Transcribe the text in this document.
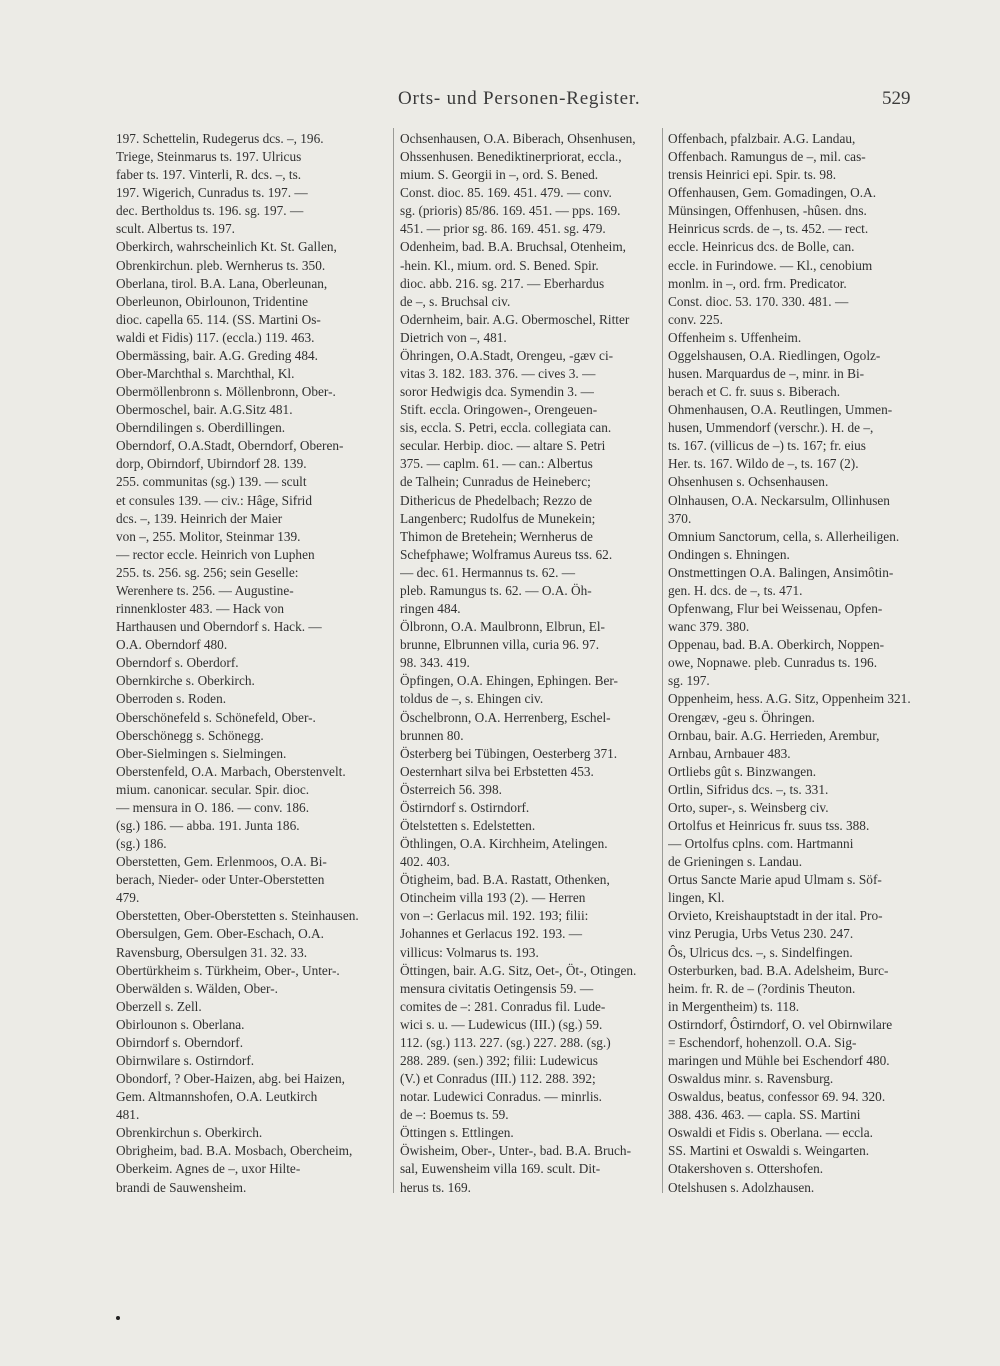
Orts- und Personen-Register.	529
197. Schettelin, Rudegerus dcs. –, 196.
Triege, Steinmarus ts. 197. Ulricus
faber ts. 197. Vinterli, R. dcs. –, ts.
197. Wigerich, Cunradus ts. 197. —
dec. Bertholdus ts. 196. sg. 197. —
scult. Albertus ts. 197.
Oberkirch, wahrscheinlich Kt. St. Gallen,
Obrenkirchun. pleb. Wernherus ts. 350.
Oberlana, tirol. B.A. Lana, Oberleunan,
Oberleunon, Obirlounon, Tridentine
dioc. capella 65. 114. (SS. Martini Os-
waldi et Fidis) 117. (eccla.) 119. 463.
Obermässing, bair. A.G. Greding 484.
Ober-Marchthal s. Marchthal, Kl.
Obermöllenbronn s. Möllenbronn, Ober-.
Obermoschel, bair. A.G.Sitz 481.
Oberndilingen s. Oberdillingen.
Oberndorf, O.A.Stadt, Oberndorf, Oberen-
dorp, Obirndorf, Ubirndorf 28. 139.
255. communitas (sg.) 139. — scult
et consules 139. — civ.: Hâge, Sifrid
dcs. –, 139. Heinrich der Maier
von –, 255. Molitor, Steinmar 139.
— rector eccle. Heinrich von Luphen
255. ts. 256. sg. 256; sein Geselle:
Werenhere ts. 256. — Augustine-
rinnenkloster 483. — Hack von
Harthausen und Oberndorf s. Hack. —
O.A. Oberndorf 480.
Oberndorf s. Oberdorf.
Obernkirche s. Oberkirch.
Oberroden s. Roden.
Oberschönefeld s. Schönefeld, Ober-.
Oberschönegg s. Schönegg.
Ober-Sielmingen s. Sielmingen.
Oberstenfeld, O.A. Marbach, Oberstenvelt.
mium. canonicar. secular. Spir. dioc.
— mensura in O. 186. — conv. 186.
(sg.) 186. — abba. 191. Junta 186.
(sg.) 186.
Oberstetten, Gem. Erlenmoos, O.A. Bi-
berach, Nieder- oder Unter-Oberstetten
479.
Oberstetten, Ober-Oberstetten s. Steinhausen.
Obersulgen, Gem. Ober-Eschach, O.A.
Ravensburg, Obersulgen 31. 32. 33.
Obertürkheim s. Türkheim, Ober-, Unter-.
Oberwälden s. Wälden, Ober-.
Oberzell s. Zell.
Obirlounon s. Oberlana.
Obirndorf s. Oberndorf.
Obirnwilare s. Ostirndorf.
Obondorf, ? Ober-Haizen, abg. bei Haizen,
Gem. Altmannshofen, O.A. Leutkirch
481.
Obrenkirchun s. Oberkirch.
Obrigheim, bad. B.A. Mosbach, Obercheim,
Oberkeim. Agnes de –, uxor Hilte-
brandi de Sauwensheim.
Ochsenhausen, O.A. Biberach, Ohsenhusen,
Ohssenhusen. Benediktinerpriorat, eccla.,
mium. S. Georgii in –, ord. S. Bened.
Const. dioc. 85. 169. 451. 479. — conv.
sg. (prioris) 85/86. 169. 451. — pps. 169.
451. — prior sg. 86. 169. 451. sg. 479.
Odenheim, bad. B.A. Bruchsal, Otenheim,
-hein. Kl., mium. ord. S. Bened. Spir.
dioc. abb. 216. sg. 217. — Eberhardus
de –, s. Bruchsal civ.
Odernheim, bair. A.G. Obermoschel, Ritter
Dietrich von –, 481.
Öhringen, O.A.Stadt, Orengeu, -gæv ci-
vitas 3. 182. 183. 376. — cives 3. —
soror Hedwigis dca. Symendin 3. —
Stift. eccla. Oringowen-, Orengeuen-
sis, eccla. S. Petri, eccla. collegiata can.
secular. Herbip. dioc. — altare S. Petri
375. — caplm. 61. — can.: Albertus
de Talhein; Cunradus de Heineberc;
Dithericus de Phedelbach; Rezzo de
Langenberc; Rudolfus de Munekein;
Thimon de Bretehein; Wernherus de
Schefphawe; Wolframus Aureus tss. 62.
— dec. 61. Hermannus ts. 62. —
pleb. Ramungus ts. 62. — O.A. Öh-
ringen 484.
Ölbronn, O.A. Maulbronn, Elbrun, El-
brunne, Elbrunnen villa, curia 96. 97.
98. 343. 419.
Öpfingen, O.A. Ehingen, Ephingen. Ber-
toldus de –, s. Ehingen civ.
Öschelbronn, O.A. Herrenberg, Eschel-
brunnen 80.
Österberg bei Tübingen, Oesterberg 371.
Oesternhart silva bei Erbstetten 453.
Österreich 56. 398.
Östirndorf s. Ostirndorf.
Ötelstetten s. Edelstetten.
Öthlingen, O.A. Kirchheim, Atelingen.
402. 403.
Ötigheim, bad. B.A. Rastatt, Othenken,
Otincheim villa 193 (2). — Herren
von –: Gerlacus mil. 192. 193; filii:
Johannes et Gerlacus 192. 193. —
villicus: Volmarus ts. 193.
Öttingen, bair. A.G. Sitz, Oet-, Öt-, Otingen.
mensura civitatis Oetingensis 59. —
comites de –: 281. Conradus fil. Lude-
wici s. u. — Ludewicus (III.) (sg.) 59.
112. (sg.) 113. 227. (sg.) 227. 288. (sg.)
288. 289. (sen.) 392; filii: Ludewicus
(V.) et Conradus (III.) 112. 288. 392;
notar. Ludewici Conradus. — minrlis.
de –: Boemus ts. 59.
Öttingen s. Ettlingen.
Öwisheim, Ober-, Unter-, bad. B.A. Bruch-
sal, Euwensheim villa 169. scult. Dit-
herus ts. 169.
Offenbach, pfalzbair. A.G. Landau,
Offenbach. Ramungus de –, mil. cas-
trensis Heinrici epi. Spir. ts. 98.
Offenhausen, Gem. Gomadingen, O.A.
Münsingen, Offenhusen, -hûsen. dns.
Heinricus scrds. de –, ts. 452. — rect.
eccle. Heinricus dcs. de Bolle, can.
eccle. in Furindowe. — Kl., cenobium
monlm. in –, ord. frm. Predicator.
Const. dioc. 53. 170. 330. 481. —
conv. 225.
Offenheim s. Uffenheim.
Oggelshausen, O.A. Riedlingen, Ogolz-
husen. Marquardus de –, minr. in Bi-
berach et C. fr. suus s. Biberach.
Ohmenhausen, O.A. Reutlingen, Ummen-
husen, Ummendorf (verschr.). H. de –,
ts. 167. (villicus de –) ts. 167; fr. eius
Her. ts. 167. Wildo de –, ts. 167 (2).
Ohsenhusen s. Ochsenhausen.
Olnhausen, O.A. Neckarsulm, Ollinhusen
370.
Omnium Sanctorum, cella, s. Allerheiligen.
Ondingen s. Ehningen.
Onstmettingen O.A. Balingen, Ansimôtin-
gen. H. dcs. de –, ts. 471.
Opfenwang, Flur bei Weissenau, Opfen-
wanc 379. 380.
Oppenau, bad. B.A. Oberkirch, Noppen-
owe, Nopnawe. pleb. Cunradus ts. 196.
sg. 197.
Oppenheim, hess. A.G. Sitz, Oppenheim 321.
Orengæv, -geu s. Öhringen.
Ornbau, bair. A.G. Herrieden, Arembur,
Arnbau, Arnbauer 483.
Ortliebs gût s. Binzwangen.
Ortlin, Sifridus dcs. –, ts. 331.
Orto, super-, s. Weinsberg civ.
Ortolfus et Heinricus fr. suus tss. 388.
— Ortolfus cplns. com. Hartmanni
de Grieningen s. Landau.
Ortus Sancte Marie apud Ulmam s. Söf-
lingen, Kl.
Orvieto, Kreishauptstadt in der ital. Pro-
vinz Perugia, Urbs Vetus 230. 247.
Ôs, Ulricus dcs. –, s. Sindelfingen.
Osterburken, bad. B.A. Adelsheim, Burc-
heim. fr. R. de – (?ordinis Theuton.
in Mergentheim) ts. 118.
Ostirndorf, Ôstirndorf, O. vel Obirnwilare
= Eschendorf, hohenzoll. O.A. Sig-
maringen und Mühle bei Eschendorf 480.
Oswaldus minr. s. Ravensburg.
Oswaldus, beatus, confessor 69. 94. 320.
388. 436. 463. — capla. SS. Martini
Oswaldi et Fidis s. Oberlana. — eccla.
SS. Martini et Oswaldi s. Weingarten.
Otakershoven s. Ottershofen.
Otelshusen s. Adolzhausen.
